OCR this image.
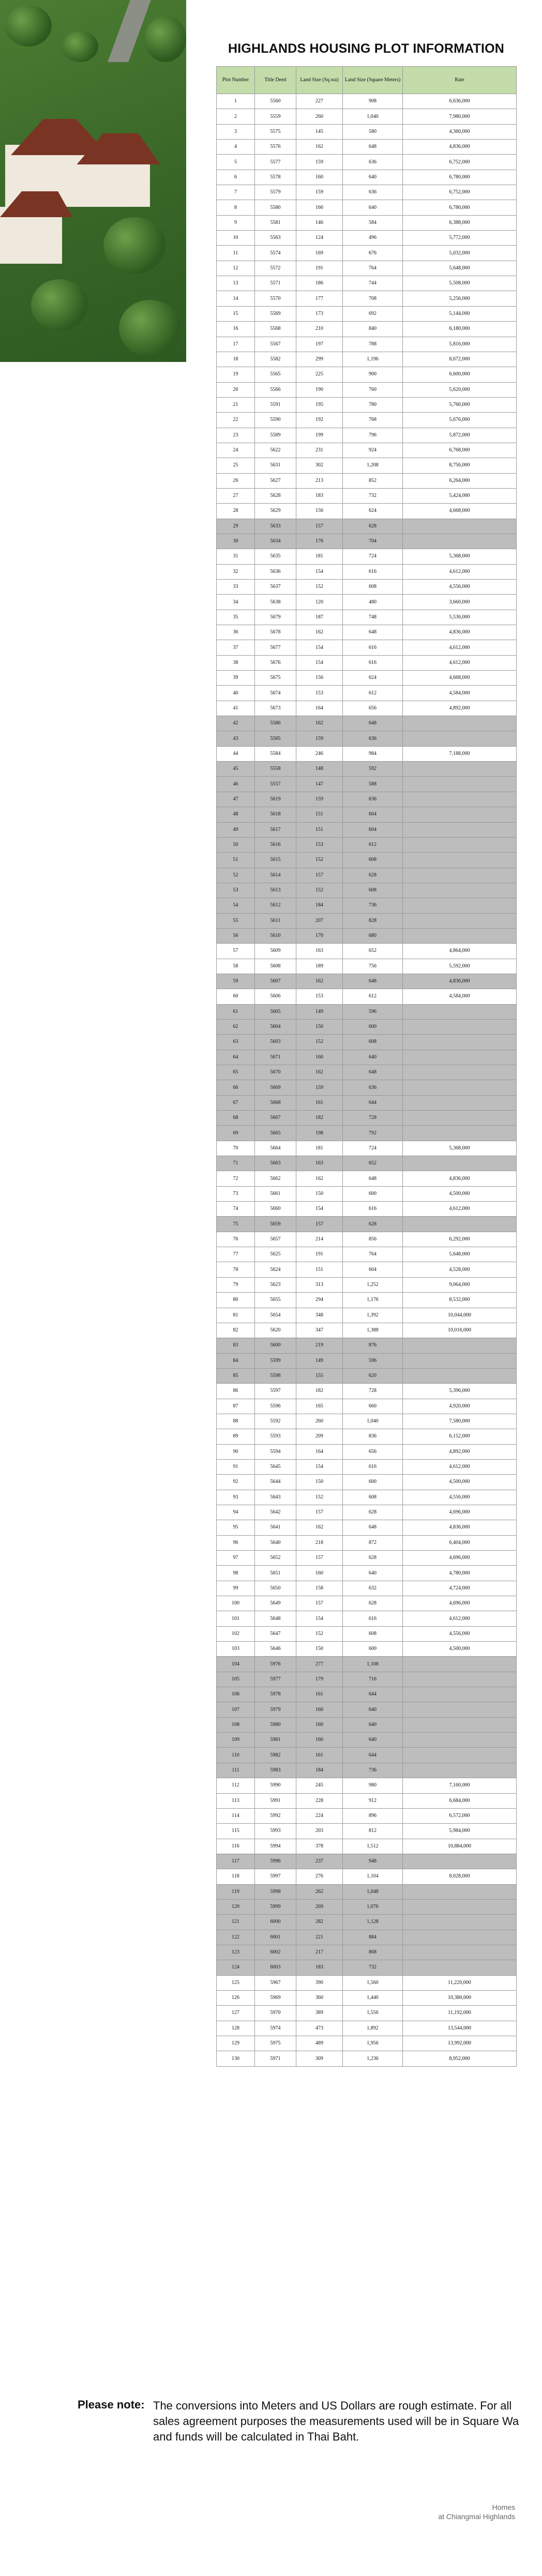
HIGHLANDS HOUSING PLOT INFORMATION
Plot Number	Title Deed	Land Size (Sq.wa)	Land Size (Square Meters)	Rate
1	5560	227	908	6,636,000
2	5559	260	1,040	7,980,000
3	5575	145	580	4,360,000
4	5576	162	648	4,836,000
5	5577	159	636	6,752,000
6	5578	160	640	6,780,000
7	5579	159	636	6,752,000
8	5580	160	640	6,780,000
9	5581	146	584	6,388,000
10	5563	124	496	5,772,000
11	5574	169	676	5,032,000
12	5572	191	764	5,648,000
13	5571	186	744	5,508,000
14	5570	177	708	5,256,000
15	5569	173	692	5,144,000
16	5568	210	840	6,180,000
17	5567	197	788	5,816,000
18	5582	299	1,196	8,672,000
19	5565	225	900	6,600,000
20	5566	190	760	5,620,000
21	5591	195	780	5,760,000
22	5590	192	768	5,676,000
23	5589	199	796	5,872,000
24	5622	231	924	6,768,000
25	5631	302	1,208	8,756,000
26	5627	213	852	6,264,000
27	5628	183	732	5,424,000
28	5629	156	624	4,668,000
29	5633	157	628	
30	5634	176	704	
31	5635	181	724	5,368,000
32	5636	154	616	4,612,000
33	5637	152	608	4,556,000
34	5638	120	480	3,660,000
35	5679	187	748	5,536,000
36	5678	162	648	4,836,000
37	5677	154	616	4,612,000
38	5676	154	616	4,612,000
39	5675	156	624	4,668,000
40	5674	153	612	4,584,000
41	5673	164	656	4,892,000
42	5586	162	648	
43	5585	159	636	
44	5584	246	984	7,188,000
45	5558	148	592	
46	5557	147	588	
47	5619	159	636	
48	5618	151	604	
49	5617	151	604	
50	5616	153	612	
51	5615	152	608	
52	5614	157	628	
53	5613	152	608	
54	5612	184	736	
55	5611	207	828	
56	5610	170	680	
57	5609	163	652	4,864,000
58	5608	189	756	5,592,000
59	5607	162	648	4,836,000
60	5606	153	612	4,584,000
61	5605	149	596	
62	5604	150	600	
63	5603	152	608	
64	5671	160	640	
65	5670	162	648	
66	5669	159	636	
67	5668	161	644	
68	5667	182	728	
69	5665	198	792	
70	5664	181	724	5,368,000
71	5663	163	652	
72	5662	162	648	4,836,000
73	5661	150	600	4,500,000
74	5660	154	616	4,612,000
75	5659	157	628	
76	5657	214	856	6,292,000
77	5625	191	764	5,648,000
78	5624	151	604	4,528,000
79	5623	313	1,252	9,064,000
80	5655	294	1,176	8,532,000
81	5654	348	1,392	10,044,000
82	5620	347	1,388	10,016,000
83	5600	219	876	
84	5599	149	596	
85	5598	155	620	
86	5597	182	728	5,396,000
87	5596	165	660	4,920,000
88	5592	260	1,040	7,580,000
89	5593	209	836	6,152,000
90	5594	164	656	4,892,000
91	5645	154	616	4,612,000
92	5644	150	600	4,500,000
93	5643	152	608	4,556,000
94	5642	157	628	4,696,000
95	5641	162	648	4,836,000
96	5640	218	872	6,404,000
97	5652	157	628	4,696,000
98	5651	160	640	4,780,000
99	5650	158	632	4,724,000
100	5649	157	628	4,696,000
101	5648	154	616	4,612,000
102	5647	152	608	4,556,000
103	5646	150	600	4,500,000
104	5976	277	1,108	
105	5977	179	716	
106	5978	161	644	
107	5979	160	640	
108	5980	160	640	
109	5981	160	640	
110	5982	161	644	
111	5983	184	736	
112	5990	245	980	7,160,000
113	5991	228	912	6,684,000
114	5992	224	896	6,572,000
115	5993	203	812	5,984,000
116	5994	378	1,512	10,884,000
117	5996	237	948	
118	5997	276	1,104	8,028,000
119	5998	262	1,048	
120	5999	269	1,076	
121	6000	282	1,128	
122	6001	221	884	
123	6002	217	868	
124	6003	183	732	
125	5967	390	1,560	11,220,000
126	5969	360	1,440	10,380,000
127	5970	389	1,556	11,192,000
128	5974	473	1,892	13,544,000
129	5975	489	1,956	13,992,000
130	5971	309	1,236	8,952,000
Please note: The conversions into Meters and US Dollars are rough estimate. For all sales agreement purposes the measurements used will be in Square Wa and funds will be calculated in Thai Baht.
Homes
at Chiangmai Highlands
